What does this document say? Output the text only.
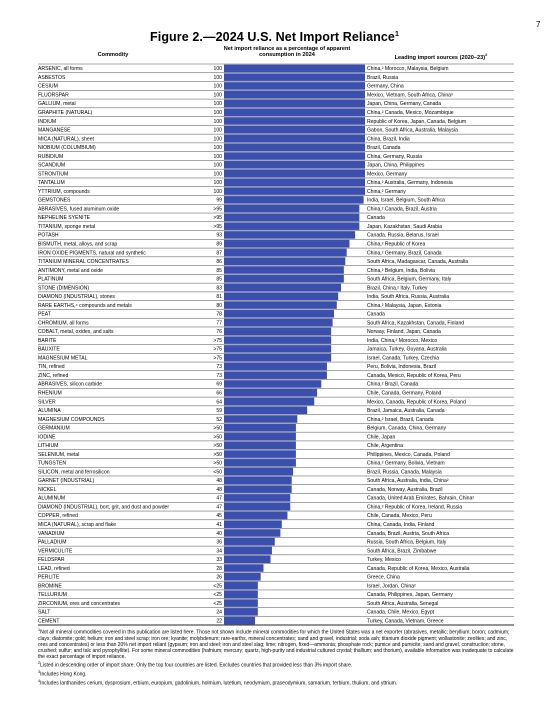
7
Figure 2.—2024 U.S. Net Import Reliance$^1$
Commodity
Net import reliance as a percentage of apparent consumption in 2024	Leading import sources (2020–23)$^2$
ARSENIC, all forms	100	China,² Morocco, Malaysia, Belgium
ASBESTOS	100	Brazil, Russia
CESIUM	100	Germany, China
FLUORSPAR	100	Mexico, Vietnam, South Africa, China³
GALLIUM, metal	100	Japan, China, Germany, Canada
GRAPHITE (NATURAL)	100	China,² Canada, Mexico, Mozambique
INDIUM	100	Republic of Korea, Japan, Canada, Belgium
MANGANESE	100	Gabon, South Africa, Australia, Malaysia
MICA (NATURAL), sheet	100	China, Brazil, India
NIOBIUM (COLUMBIUM)	100	Brazil, Canada
RUBIDIUM	100	China, Germany, Russia
SCANDIUM	100	Japan, China, Philippines
STRONTIUM	100	Mexico, Germany
TANTALUM	100	China,² Australia, Germany, Indonesia
YTTRIUM, compounds	100	China,² Germany
GEMSTONES	99	India, Israel, Belgium, South Africa
ABRASIVES, fused aluminum oxide	>95	China,² Canada, Brazil, Austria
NEPHELINE SYENITE	>95	Canada
TITANIUM, sponge metal	>95	Japan, Kazakhstan, Saudi Arabia
POTASH	93	Canada, Russia, Belarus, Israel
BISMUTH, metal, alloys, and scrap	89	China,² Republic of Korea
IRON OXIDE PIGMENTS, natural and synthetic	87	China,² Germany, Brazil, Canada
TITANIUM MINERAL CONCENTRATES	86	South Africa, Madagascar, Canada, Australia
ANTIMONY, metal and oxide	85	China,² Belgium, India, Bolivia
PLATINUM	85	South Africa, Belgium, Germany, Italy
STONE (DIMENSION)	83	Brazil, China,² Italy, Turkey
DIAMOND (INDUSTRIAL), stones	81	India, South Africa, Russia, Australia
RARE EARTHS,⁴ compounds and metals	80	China,² Malaysia, Japan, Estonia
PEAT	78	Canada
CHROMIUM, all forms	77	South Africa, Kazakhstan, Canada, Finland
COBALT, metal, oxides, and salts	76	Norway, Finland, Japan, Canada
BARITE	>75	India, China,² Morocco, Mexico
BAUXITE	>75	Jamaica, Turkey, Guyana, Australia
MAGNESIUM METAL	>75	Israel, Canada, Turkey, Czechia
TIN, refined	73	Peru, Bolivia, Indonesia, Brazil
ZINC, refined	73	Canada, Mexico, Republic of Korea, Peru
ABRASIVES, silicon carbide	69	China,² Brazil, Canada
RHENIUM	66	Chile, Canada, Germany, Poland
SILVER	64	Mexico, Canada, Republic of Korea, Poland
ALUMINA	59	Brazil, Jamaica, Australia, Canada
MAGNESIUM COMPOUNDS	52	China,² Israel, Brazil, Canada
GERMANIUM	>50	Belgium, Canada, China, Germany
IODINE	>50	Chile, Japan
LITHIUM	>50	Chile, Argentina
SELENIUM, metal	>50	Philippines, Mexico, Canada, Poland
TUNGSTEN	>50	China,² Germany, Bolivia, Vietnam
SILICON, metal and ferrosilicon	<50	Brazil, Russia, Canada, Malaysia
GARNET (INDUSTRIAL)	48	South Africa, Australia, India, China²
NICKEL	48	Canada, Norway, Australia, Brazil
ALUMINUM	47	Canada, United Arab Emirates, Bahrain, China²
DIAMOND (INDUSTRIAL), bort, grit, and dust and powder	47	China,² Republic of Korea, Ireland, Russia
COPPER, refined	45	Chile, Canada, Mexico, Peru
MICA (NATURAL), scrap and flake	41	China, Canada, India, Finland
VANADIUM	40	Canada, Brazil, Austria, South Africa
PALLADIUM	36	Russia, South Africa, Belgium, Italy
VERMICULITE	34	South Africa, Brazil, Zimbabwe
FELDSPAR	33	Turkey, Mexico
LEAD, refined	28	Canada, Republic of Korea, Mexico, Australia
PERLITE	26	Greece, China
BROMINE	<25	Israel, Jordan, China²
TELLURIUM	<25	Canada, Philippines, Japan, Germany
ZIRCONIUM, ores and concentrates	<25	South Africa, Australia, Senegal
SALT	24	Canada, Chile, Mexico, Egypt
CEMENT	22	Turkey, Canada, Vietnam, Greece

$^1$Not all mineral commodities covered in this publication are listed here. Those not shown include mineral commodities for which the United States was a net exporter (abrasives, metallic; beryllium; boron; cadmium; clays; diatomite; gold; helium; iron and steel scrap; iron ore; kyanite; molybdenum; rare-earths, mineral concentrates; sand and gravel, industrial; soda ash; titanium dioxide pigment; wollastonite; zeolites; and zinc, ores and concentrates) or less than 20% net import reliant (gypsum; iron and steel; iron and steel slag; lime; nitrogen, fixed—ammonia; phosphate rock; pumice and pumicite; sand and gravel, construction; stone, crushed; sulfur; and talc and pyrophyllite). For some mineral commodities (hafnium; mercury; quartz, high-purity and industrial cultured crystal; thallium; and thorium), available information was inadequate to calculate the exact percentage of import reliance.

$^2$Listed in descending order of import share. Only the top four countries are listed. Excludes countries that provided less than 3% import share.

$^3$Includes Hong Kong.

$^4$Includes lanthanides cerium, dysprosium, erbium, europium, gadolinium, holmium, lutetium, neodymium, praseodymium, samarium, terbium, thulium, and yttrium.
